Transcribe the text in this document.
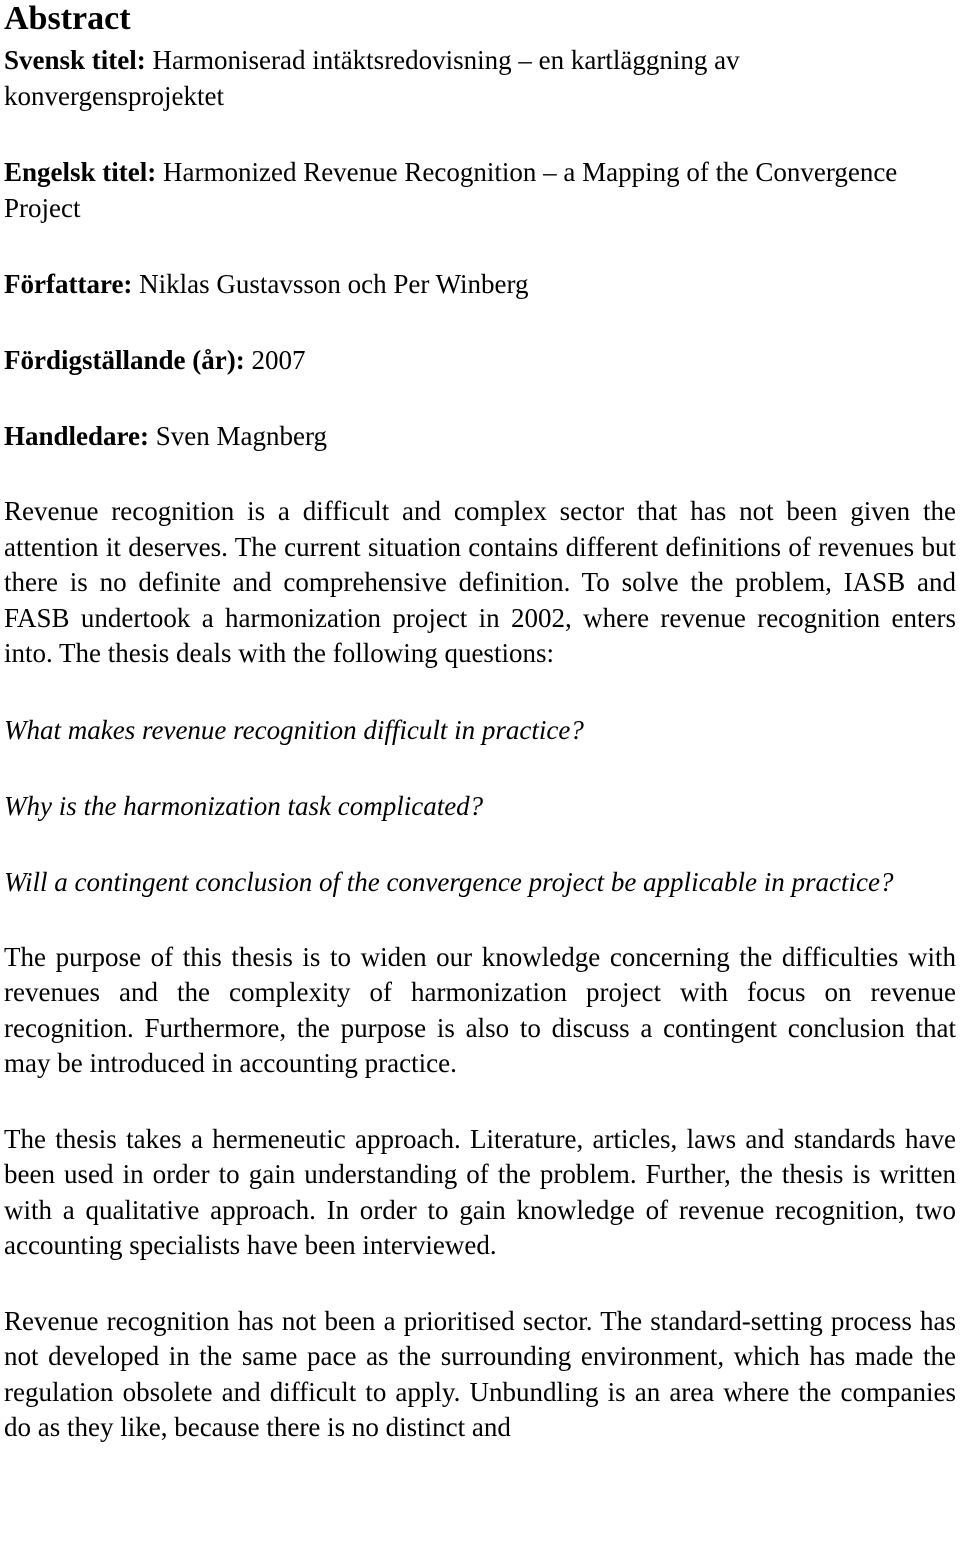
Abstract

Svensk titel: Harmoniserad intäktsredovisning – en kartläggning av konvergensprojektet

Engelsk titel: Harmonized Revenue Recognition – a Mapping of the Convergence Project

Författare: Niklas Gustavsson och Per Winberg

Fördigställande (år): 2007

Handledare: Sven Magnberg

Revenue recognition is a difficult and complex sector that has not been given the attention it deserves. The current situation contains different definitions of revenues but there is no definite and comprehensive definition. To solve the problem, IASB and FASB undertook a harmonization project in 2002, where revenue recognition enters into. The thesis deals with the following questions:

What makes revenue recognition difficult in practice?

Why is the harmonization task complicated?

Will a contingent conclusion of the convergence project be applicable in practice?

The purpose of this thesis is to widen our knowledge concerning the difficulties with revenues and the complexity of harmonization project with focus on revenue recognition. Furthermore, the purpose is also to discuss a contingent conclusion that may be introduced in accounting practice.

The thesis takes a hermeneutic approach. Literature, articles, laws and standards have been used in order to gain understanding of the problem. Further, the thesis is written with a qualitative approach. In order to gain knowledge of revenue recognition, two accounting specialists have been interviewed.

Revenue recognition has not been a prioritised sector. The standard-setting process has not developed in the same pace as the surrounding environment, which has made the regulation obsolete and difficult to apply. Unbundling is an area where the companies do as they like, because there is no distinct and
